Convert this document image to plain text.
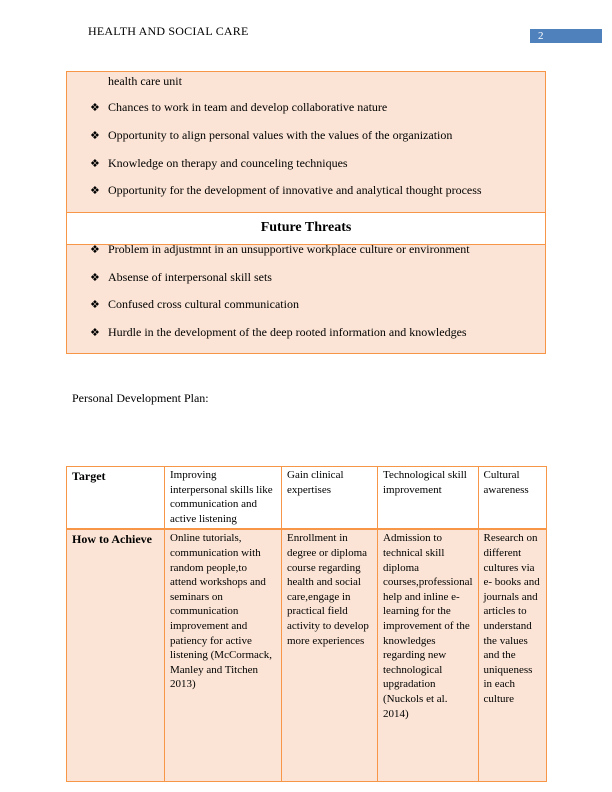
HEALTH AND SOCIAL CARE	2
health care unit
❖ Chances to work in team and develop collaborative nature
❖ Opportunity to align personal values with the values of the organization
❖ Knowledge on therapy and counceling techniques
❖ Opportunity for the development of innovative and analytical thought process
Future Threats
❖ Problem in adjustmnt in an unsupportive workplace culture or environment
❖ Absense of interpersonal skill sets
❖ Confused cross cultural communication
❖ Hurdle in the development of the deep rooted information and knowledges
Personal Development Plan:
Target	Improving interpersonal skills like communication and active listening	Gain clinical expertises	Technological skill improvement	Cultural awareness
How to Achieve	Online tutorials, communication with random people,to attend workshops and seminars on communication improvement and patiency for active listening (McCormack, Manley and Titchen 2013)	Enrollment in degree or diploma course regarding health and social care,engage in practical field activity to develop more experiences	Admission to technical skill diploma courses,professional help and inline e-learning for the improvement of the knowledges regarding new technological upgradation (Nuckols et al. 2014)	Research on different cultures via e- books and journals and articles to understand the values and the uniqueness in each culture
